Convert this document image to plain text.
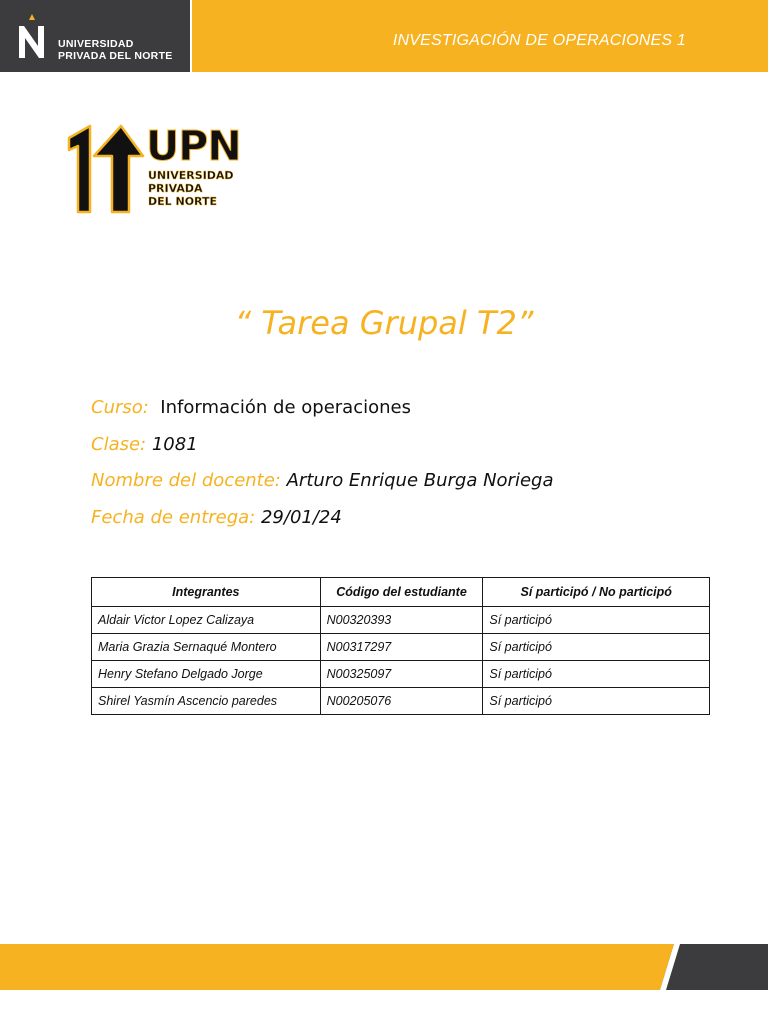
UNIVERSIDAD
PRIVADA DEL NORTE
INVESTIGACIÓN DE OPERACIONES 1
UPN
UNIVERSIDAD
PRIVADA
DEL NORTE
“ Tarea Grupal T2”
Curso: Información de operaciones
Clase: 1081
Nombre del docente: Arturo Enrique Burga Noriega
Fecha de entrega: 29/01/24
Integrantes	Código del estudiante	Sí participó / No participó
Aldair Victor Lopez Calizaya	N00320393	Sí participó
Maria Grazia Sernaqué Montero	N00317297	Sí participó
Henry Stefano Delgado Jorge	N00325097	Sí participó
Shirel Yasmín Ascencio paredes	N00205076	Sí participó
